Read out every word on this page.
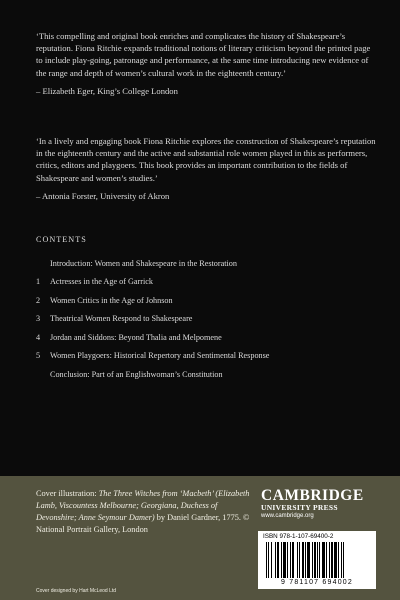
‘This compelling and original book enriches and complicates the history of Shakespeare’s reputation. Fiona Ritchie expands traditional notions of literary criticism beyond the printed page to include play-going, patronage and performance, at the same time introducing new evidence of the range and depth of women’s cultural work in the eighteenth century.’
– Elizabeth Eger, King’s College London
‘In a lively and engaging book Fiona Ritchie explores the construction of Shakespeare’s reputation in the eighteenth century and the active and substantial role women played in this as performers, critics, editors and playgoers. This book provides an important contribution to the fields of Shakespeare and women’s studies.’
– Antonia Forster, University of Akron
CONTENTS
Introduction: Women and Shakespeare in the Restoration
1	Actresses in the Age of Garrick
2	Women Critics in the Age of Johnson
3	Theatrical Women Respond to Shakespeare
4	Jordan and Siddons: Beyond Thalia and Melpomene
5	Women Playgoers: Historical Repertory and Sentimental Response
Conclusion: Part of an Englishwoman’s Constitution
Cover illustration: The Three Witches from ‘Macbeth’ (Elizabeth Lamb, Viscountess Melbourne; Georgiana, Duchess of Devonshire; Anne Seymour Damer) by Daniel Gardner, 1775. © National Portrait Gallery, London
Cover designed by Hart McLeod Ltd
CAMBRIDGE
UNIVERSITY PRESS
www.cambridge.org
ISBN 978-1-107-69400-2
9 781107 694002
